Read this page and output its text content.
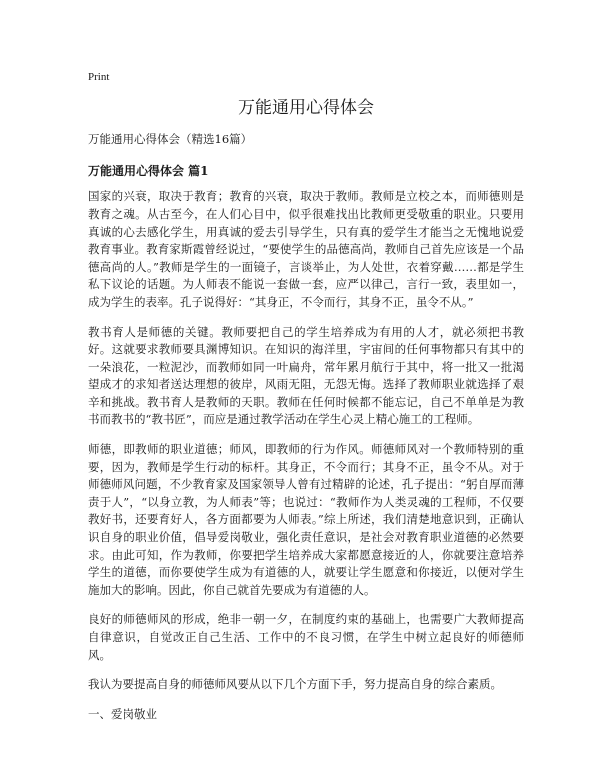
Print
万能通用心得体会
万能通用心得体会（精选16篇）
万能通用心得体会 篇1

国家的兴衰，取决于教育；教育的兴衰，取决于教师。教师是立校之本，而师德则是教育之魂。从古至今，在人们心目中，似乎很难找出比教师更受敬重的职业。只要用真诚的心去感化学生，用真诚的爱去引导学生，只有真的爱学生才能当之无愧地说爱教育事业。教育家斯霞曾经说过，“要使学生的品德高尚，教师自己首先应该是一个品德高尚的人。”教师是学生的一面镜子，言谈举止，为人处世，衣着穿戴……都是学生私下议论的话题。为人师表不能说一套做一套，应严以律己，言行一致，表里如一，成为学生的表率。孔子说得好：“其身正，不令而行，其身不正，虽令不从。”

教书育人是师德的关键。教师要把自己的学生培养成为有用的人才，就必须把书教好。这就要求教师要具渊博知识。在知识的海洋里，宇宙间的任何事物都只有其中的一朵浪花，一粒泥沙，而教师如同一叶扁舟，常年累月航行于其中，将一批又一批渴望成才的求知者送达理想的彼岸，风雨无阻，无怨无悔。选择了教师职业就选择了艰辛和挑战。教书育人是教师的天职。教师在任何时候都不能忘记，自己不单单是为教书而教书的“教书匠”，而应是通过教学活动在学生心灵上精心施工的工程师。

师德，即教师的职业道德；师风，即教师的行为作风。师德师风对一个教师特别的重要，因为，教师是学生行动的标杆。其身正，不令而行；其身不正，虽令不从。对于师德师风问题，不少教育家及国家领导人曾有过精辟的论述，孔子提出：“躬自厚而薄责于人”，“以身立教，为人师表”等；也说过：“教师作为人类灵魂的工程师，不仅要教好书，还要育好人，各方面都要为人师表。”综上所述，我们清楚地意识到，正确认识自身的职业价值，倡导爱岗敬业，强化责任意识，是社会对教育职业道德的必然要求。由此可知，作为教师，你要把学生培养成大家都愿意接近的人，你就要注意培养学生的道德，而你要使学生成为有道德的人，就要让学生愿意和你接近，以便对学生施加大的影响。因此，你自己就首先要成为有道德的人。

良好的师德师风的形成，绝非一朝一夕，在制度约束的基础上，也需要广大教师提高自律意识，自觉改正自己生活、工作中的不良习惯，在学生中树立起良好的师德师风。

我认为要提高自身的师德师风要从以下几个方面下手，努力提高自身的综合素质。

一、爱岗敬业
